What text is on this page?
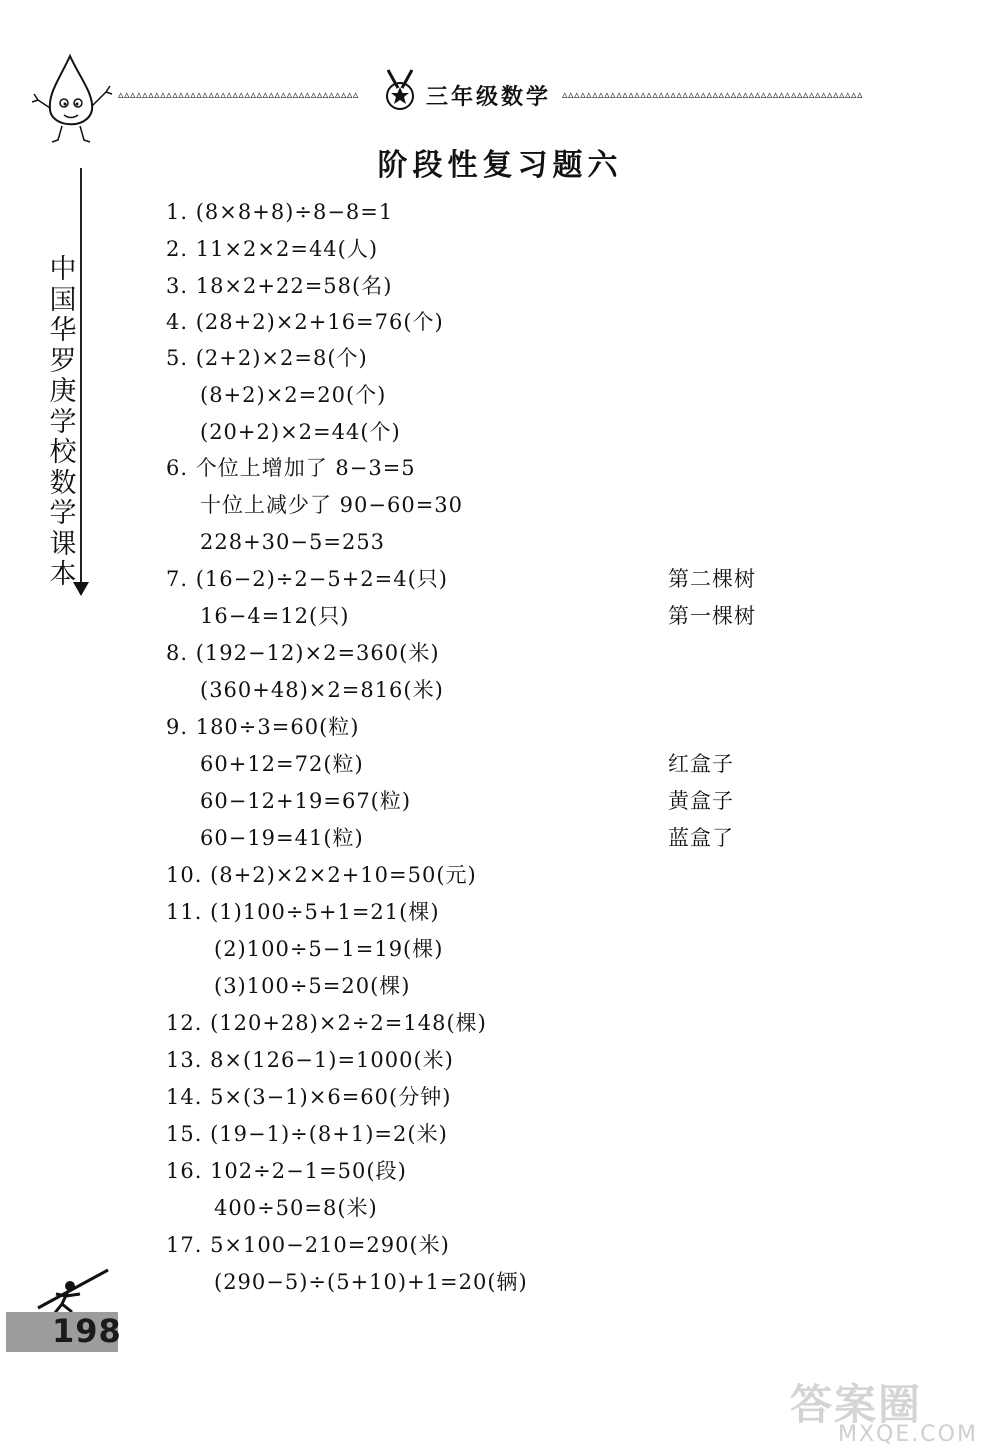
▵▵▵▵▵▵▵▵▵▵▵▵▵▵▵▵▵▵▵▵▵▵▵▵▵▵▵▵▵▵▵▵▵▵▵▵▵▵▵▵	三年级数学 ▵▵▵▵▵▵▵▵▵▵▵▵▵▵▵▵▵▵▵▵▵▵▵▵▵▵▵▵▵▵▵▵▵▵▵▵▵▵▵▵▵▵▵▵▵▵▵▵▵▵
阶段性复习题六
中国华罗庚学校数学课本
1. (8×8+8)÷8−8=1
2. 11×2×2=44(人)
3. 18×2+22=58(名)
4. (28+2)×2+16=76(个)
5. (2+2)×2=8(个)
(8+2)×2=20(个)
(20+2)×2=44(个)
6. 个位上增加了 8−3=5
十位上减少了 90−60=30
228+30−5=253
7. (16−2)÷2−5+2=4(只)
16−4=12(只)
8. (192−12)×2=360(米)
(360+48)×2=816(米)
9. 180÷3=60(粒)
60+12=72(粒)
60−12+19=67(粒)
60−19=41(粒)
10. (8+2)×2×2+10=50(元)
11. (1)100÷5+1=21(棵)
(2)100÷5−1=19(棵)
(3)100÷5=20(棵)
12. (120+28)×2÷2=148(棵)
13. 8×(126−1)=1000(米)
14. 5×(3−1)×6=60(分钟)
15. (19−1)÷(8+1)=2(米)
16. 102÷2−1=50(段)
400÷50=8(米)
17. 5×100−210=290(米)
(290−5)÷(5+10)+1=20(辆)
第二棵树
第一棵树
红盒子
黄盒子
蓝盒了
198
答案圈
MXQE.COM
